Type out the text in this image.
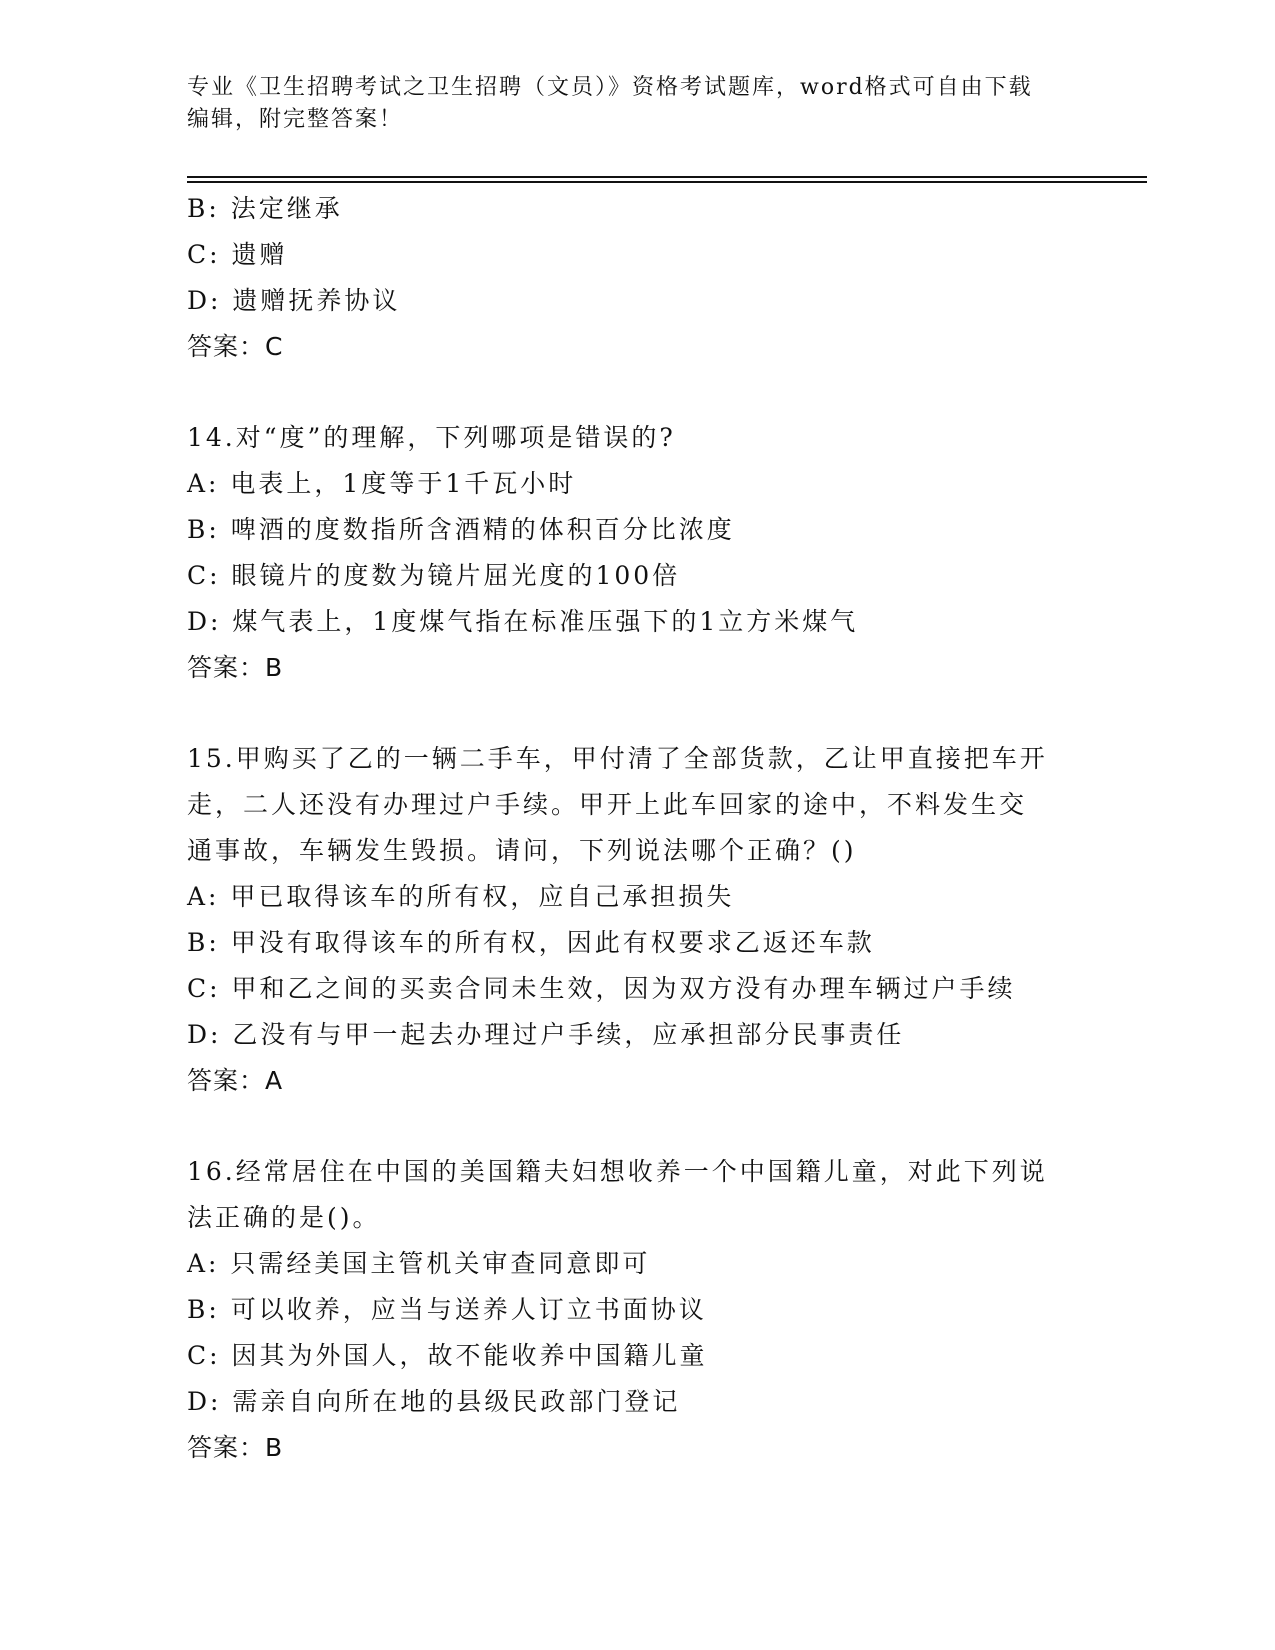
专业《卫生招聘考试之卫生招聘（文员）》资格考试题库，word格式可自由下载
编辑，附完整答案！
B: 法定继承
C: 遗赠
D: 遗赠抚养协议
答案：C
14.对“度”的理解，下列哪项是错误的?
A: 电表上，1度等于1千瓦小时
B: 啤酒的度数指所含酒精的体积百分比浓度
C: 眼镜片的度数为镜片屈光度的100倍
D: 煤气表上，1度煤气指在标准压强下的1立方米煤气
答案：B
15.甲购买了乙的一辆二手车，甲付清了全部货款，乙让甲直接把车开
走，二人还没有办理过户手续。甲开上此车回家的途中，不料发生交
通事故，车辆发生毁损。请问，下列说法哪个正确？()
A: 甲已取得该车的所有权，应自己承担损失
B: 甲没有取得该车的所有权，因此有权要求乙返还车款
C: 甲和乙之间的买卖合同未生效，因为双方没有办理车辆过户手续
D: 乙没有与甲一起去办理过户手续，应承担部分民事责任
答案：A
16.经常居住在中国的美国籍夫妇想收养一个中国籍儿童，对此下列说
法正确的是()。
A: 只需经美国主管机关审查同意即可
B: 可以收养，应当与送养人订立书面协议
C: 因其为外国人，故不能收养中国籍儿童
D: 需亲自向所在地的县级民政部门登记
答案：B
